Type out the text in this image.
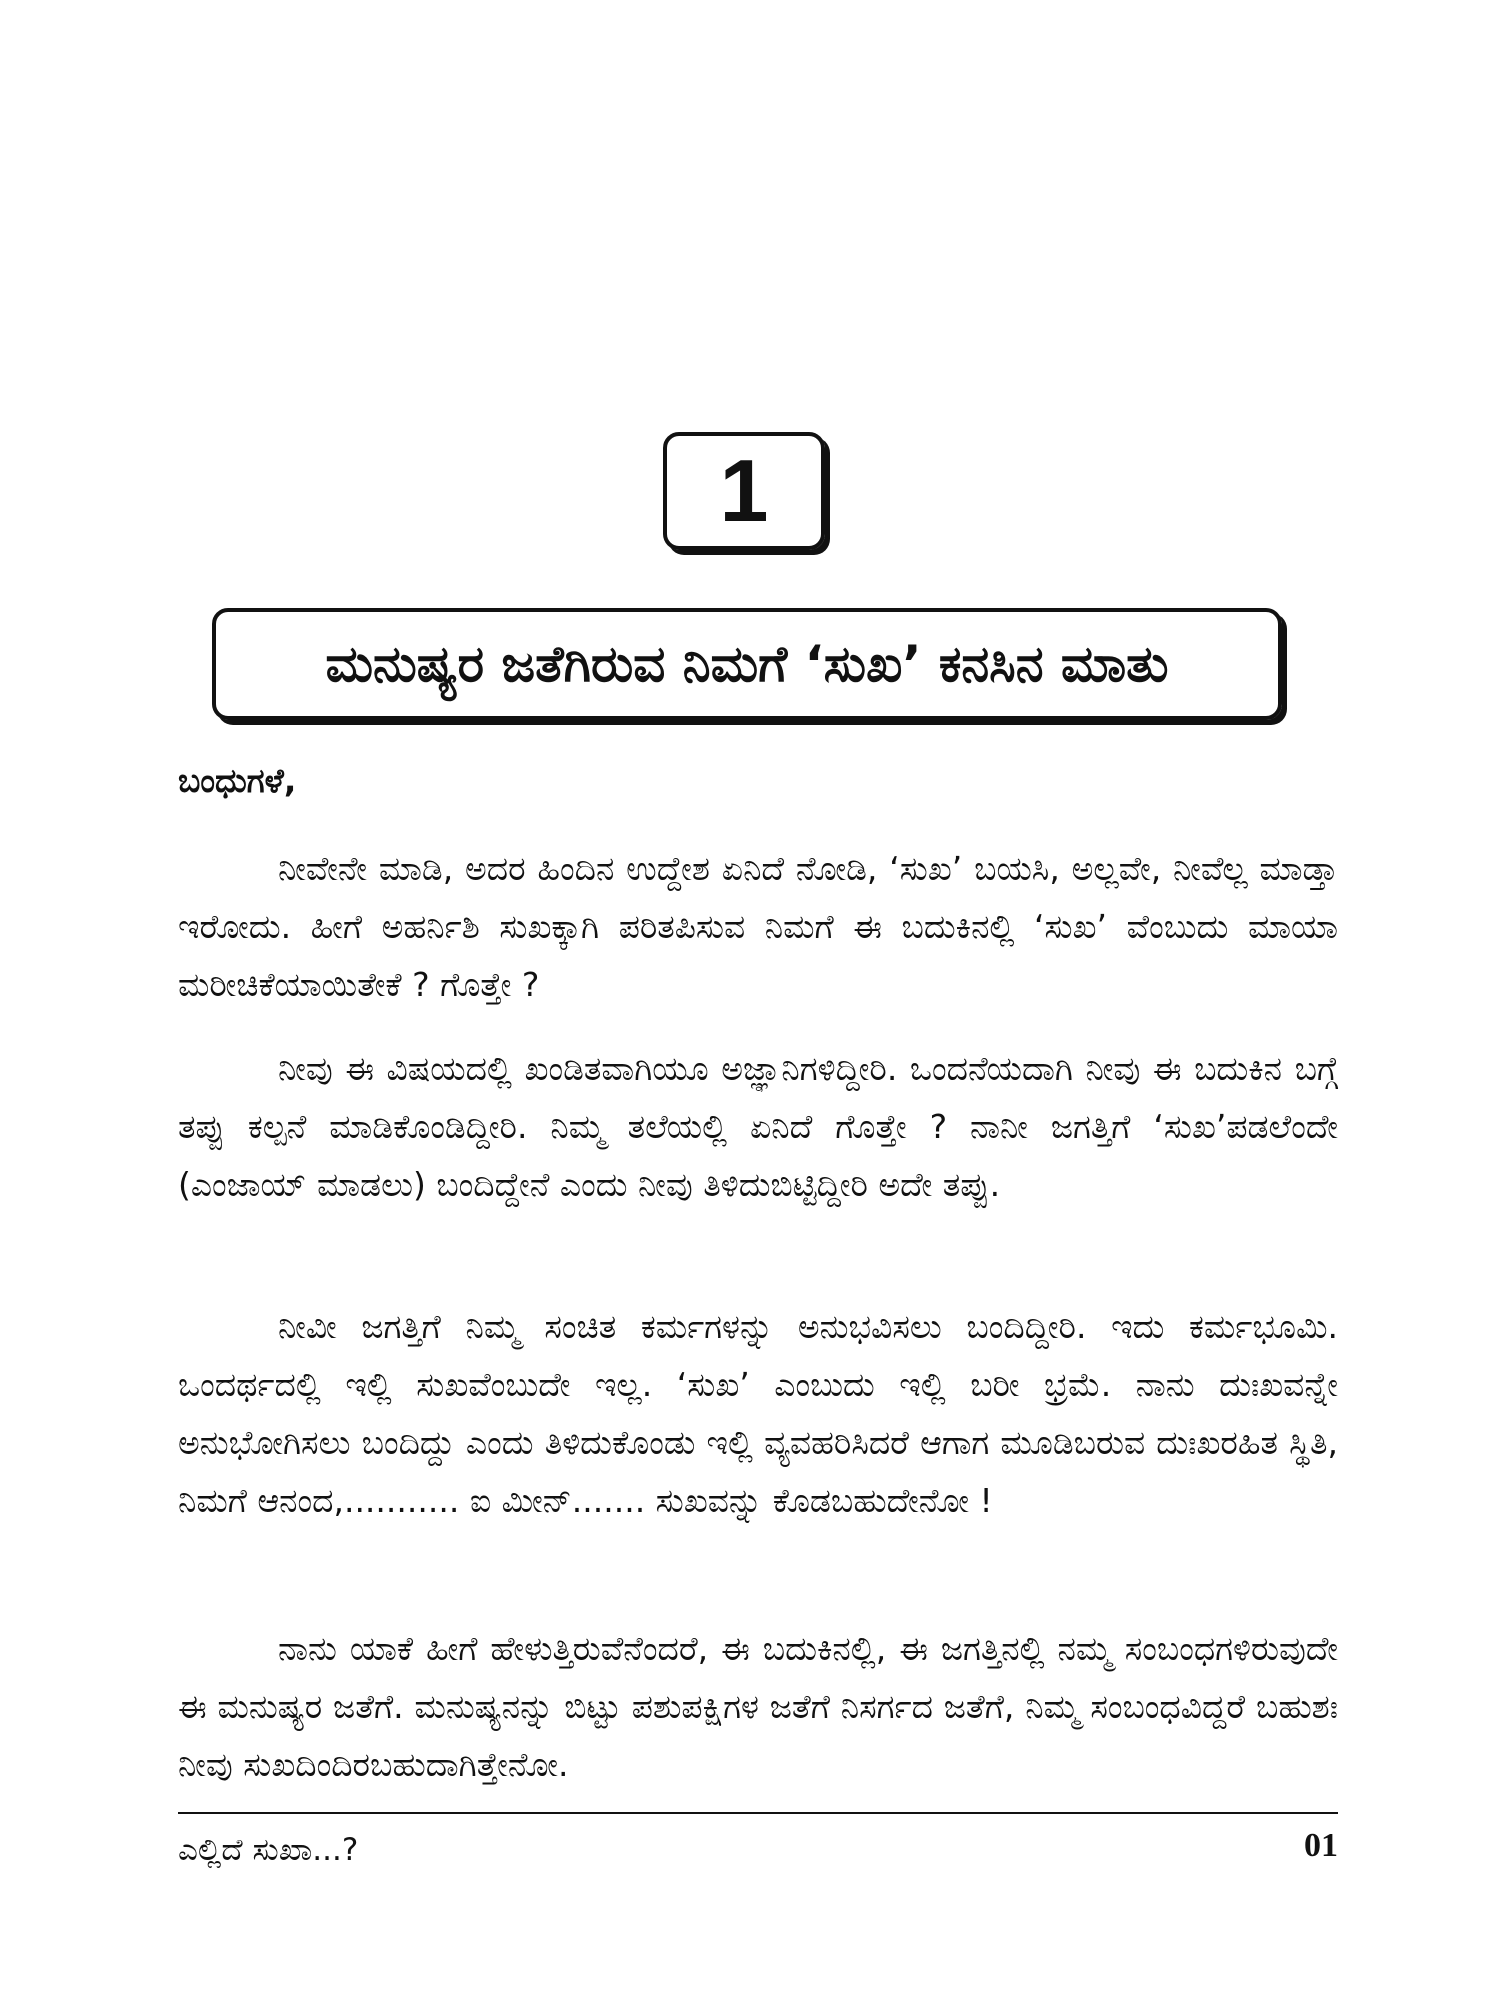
1
ಮನುಷ್ಯರ ಜತೆಗಿರುವ ನಿಮಗೆ ‘ಸುಖ’ ಕನಸಿನ ಮಾತು
ಬಂಧುಗಳೆ,

ನೀವೇನೇ ಮಾಡಿ, ಅದರ ಹಿಂದಿನ ಉದ್ದೇಶ ಏನಿದೆ ನೋಡಿ, ‘ಸುಖ’ ಬಯಸಿ, ಅಲ್ಲವೇ, ನೀವೆಲ್ಲ ಮಾಡ್ತಾ ಇರೋದು. ಹೀಗೆ ಅಹರ್ನಿಶಿ ಸುಖಕ್ಕಾಗಿ ಪರಿತಪಿಸುವ ನಿಮಗೆ ಈ ಬದುಕಿನಲ್ಲಿ ‘ಸುಖ’ ವೆಂಬುದು ಮಾಯಾ ಮರೀಚಿಕೆಯಾಯಿತೇಕೆ ? ಗೊತ್ತೇ ?

ನೀವು ಈ ವಿಷಯದಲ್ಲಿ ಖಂಡಿತವಾಗಿಯೂ ಅಜ್ಞಾನಿಗಳಿದ್ದೀರಿ. ಒಂದನೆಯದಾಗಿ ನೀವು ಈ ಬದುಕಿನ ಬಗ್ಗೆ ತಪ್ಪು ಕಲ್ಪನೆ ಮಾಡಿಕೊಂಡಿದ್ದೀರಿ. ನಿಮ್ಮ ತಲೆಯಲ್ಲಿ ಏನಿದೆ ಗೊತ್ತೇ ? ನಾನೀ ಜಗತ್ತಿಗೆ ‘ಸುಖ’ಪಡಲೆಂದೇ (ಎಂಜಾಯ್ ಮಾಡಲು) ಬಂದಿದ್ದೇನೆ ಎಂದು ನೀವು ತಿಳಿದುಬಿಟ್ಟಿದ್ದೀರಿ ಅದೇ ತಪ್ಪು.

ನೀವೀ ಜಗತ್ತಿಗೆ ನಿಮ್ಮ ಸಂಚಿತ ಕರ್ಮಗಳನ್ನು ಅನುಭವಿಸಲು ಬಂದಿದ್ದೀರಿ. ಇದು ಕರ್ಮಭೂಮಿ. ಒಂದರ್ಥದಲ್ಲಿ ಇಲ್ಲಿ ಸುಖವೆಂಬುದೇ ಇಲ್ಲ. ‘ಸುಖ’ ಎಂಬುದು ಇಲ್ಲಿ ಬರೀ ಭ್ರಮೆ. ನಾನು ದುಃಖವನ್ನೇ ಅನುಭೋಗಿಸಲು ಬಂದಿದ್ದು ಎಂದು ತಿಳಿದುಕೊಂಡು ಇಲ್ಲಿ ವ್ಯವಹರಿಸಿದರೆ ಆಗಾಗ ಮೂಡಿಬರುವ ದುಃಖರಹಿತ ಸ್ಥಿತಿ, ನಿಮಗೆ ಆನಂದ,........... ಐ ಮೀನ್....... ಸುಖವನ್ನು ಕೊಡಬಹುದೇನೋ !

ನಾನು ಯಾಕೆ ಹೀಗೆ ಹೇಳುತ್ತಿರುವೆನೆಂದರೆ, ಈ ಬದುಕಿನಲ್ಲಿ, ಈ ಜಗತ್ತಿನಲ್ಲಿ ನಮ್ಮ ಸಂಬಂಧಗಳಿರುವುದೇ ಈ ಮನುಷ್ಯರ ಜತೆಗೆ. ಮನುಷ್ಯನನ್ನು ಬಿಟ್ಟು ಪಶುಪಕ್ಷಿಗಳ ಜತೆಗೆ ನಿಸರ್ಗದ ಜತೆಗೆ, ನಿಮ್ಮ ಸಂಬಂಧವಿದ್ದರೆ ಬಹುಶಃ ನೀವು ಸುಖದಿಂದಿರಬಹುದಾಗಿತ್ತೇನೋ.

ಎಲ್ಲಿದೆ ಸುಖಾ...?	01
